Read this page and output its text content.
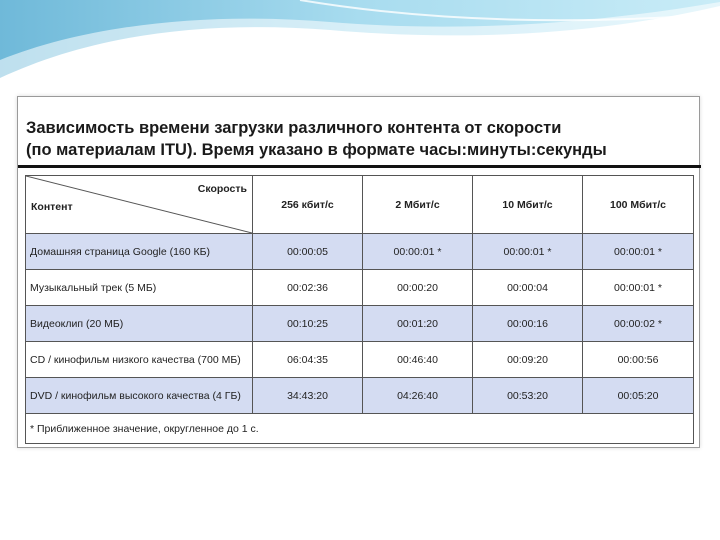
Зависимость времени загрузки различного контента от скорости
(по материалам ITU). Время указано в формате часы:минуты:секунды
Скорость
Контент	256 кбит/с	2 Мбит/с	10 Мбит/с	100 Мбит/с
Домашняя страница Google (160 КБ)	00:00:05	00:00:01 *	00:00:01 *	00:00:01 *
Музыкальный трек (5 МБ)	00:02:36	00:00:20	00:00:04	00:00:01 *
Видеоклип (20 МБ)	00:10:25	00:01:20	00:00:16	00:00:02 *
CD / кинофильм низкого качества (700 МБ)	06:04:35	00:46:40	00:09:20	00:00:56
DVD / кинофильм высокого качества (4 ГБ)	34:43:20	04:26:40	00:53:20	00:05:20
* Приближенное значение, округленное до 1 с.				
